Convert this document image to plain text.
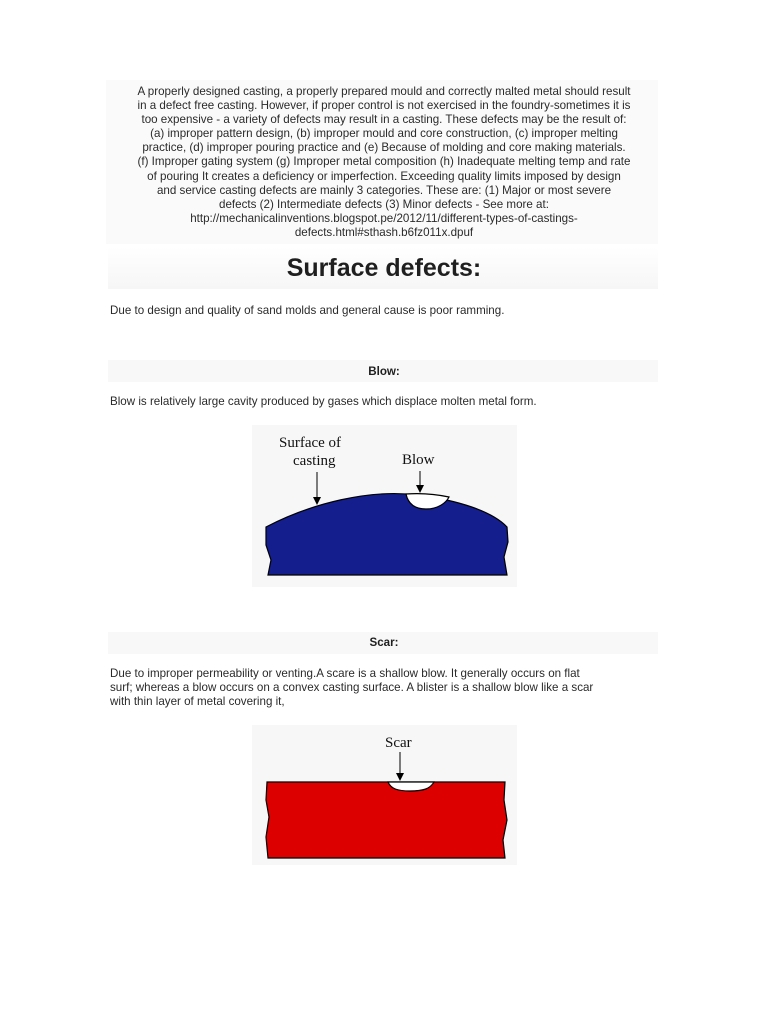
A properly designed casting, a properly prepared mould and correctly malted metal should result
in a defect free casting. However, if proper control is not exercised in the foundry-sometimes it is
too expensive - a variety of defects may result in a casting. These defects may be the result of:
(a) improper pattern design, (b) improper mould and core construction, (c) improper melting
practice, (d) improper pouring practice and (e) Because of molding and core making materials.
(f) Improper gating system (g) Improper metal composition (h) Inadequate melting temp and rate
of pouring It creates a deficiency or imperfection. Exceeding quality limits imposed by design
and service casting defects are mainly 3 categories. These are: (1) Major or most severe
defects (2) Intermediate defects (3) Minor defects - See more at:
http://mechanicalinventions.blogspot.pe/2012/11/different-types-of-castings-
defects.html#sthash.b6fz011x.dpuf
Surface defects:
Due to design and quality of sand molds and general cause is poor ramming.
Blow:
Blow is relatively large cavity produced by gases which displace molten metal form.
Surface of
casting	Blow
Scar:
Due to improper permeability or venting.A scare is a shallow blow. It generally occurs on flat
surf; whereas a blow occurs on a convex casting surface. A blister is a shallow blow like a scar
with thin layer of metal covering it,
Scar
